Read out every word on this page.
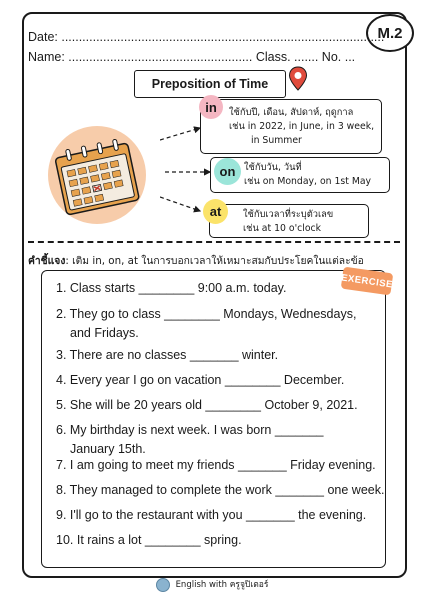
M.2
Date: .............................................................................................
Name: ..................................................... Class. ....... No. ...
Preposition of Time
ใช้กับปี, เดือน, สัปดาห์, ฤดูกาล
เช่น in 2022, in June, in 3 week,
in Summer
in
ใช้กับวัน, วันที่
เช่น on Monday, on 1st May
on
ใช้กับเวลาที่ระบุตัวเลข
เช่น at 10 o'clock
at
คำชี้แจง: เติม in, on, at ในการบอกเวลาให้เหมาะสมกับประโยคในแต่ละข้อ
EXERCISE
1. Class starts ________ 9:00 a.m. today.
2. They go to class ________ Mondays, Wednesdays,
and Fridays.
3. There are no classes _______ winter.
4. Every year I go on vacation ________ December.
5. She will be 20 years old ________ October 9, 2021.
6. My birthday is next week. I was born _______
January 15th.
7. I am going to meet my friends _______ Friday evening.
8. They managed to complete the work _______ one week.
9. I'll go to the restaurant with you _______ the evening.
10. It rains a lot ________ spring.
English with ครูจูปิเตอร์
